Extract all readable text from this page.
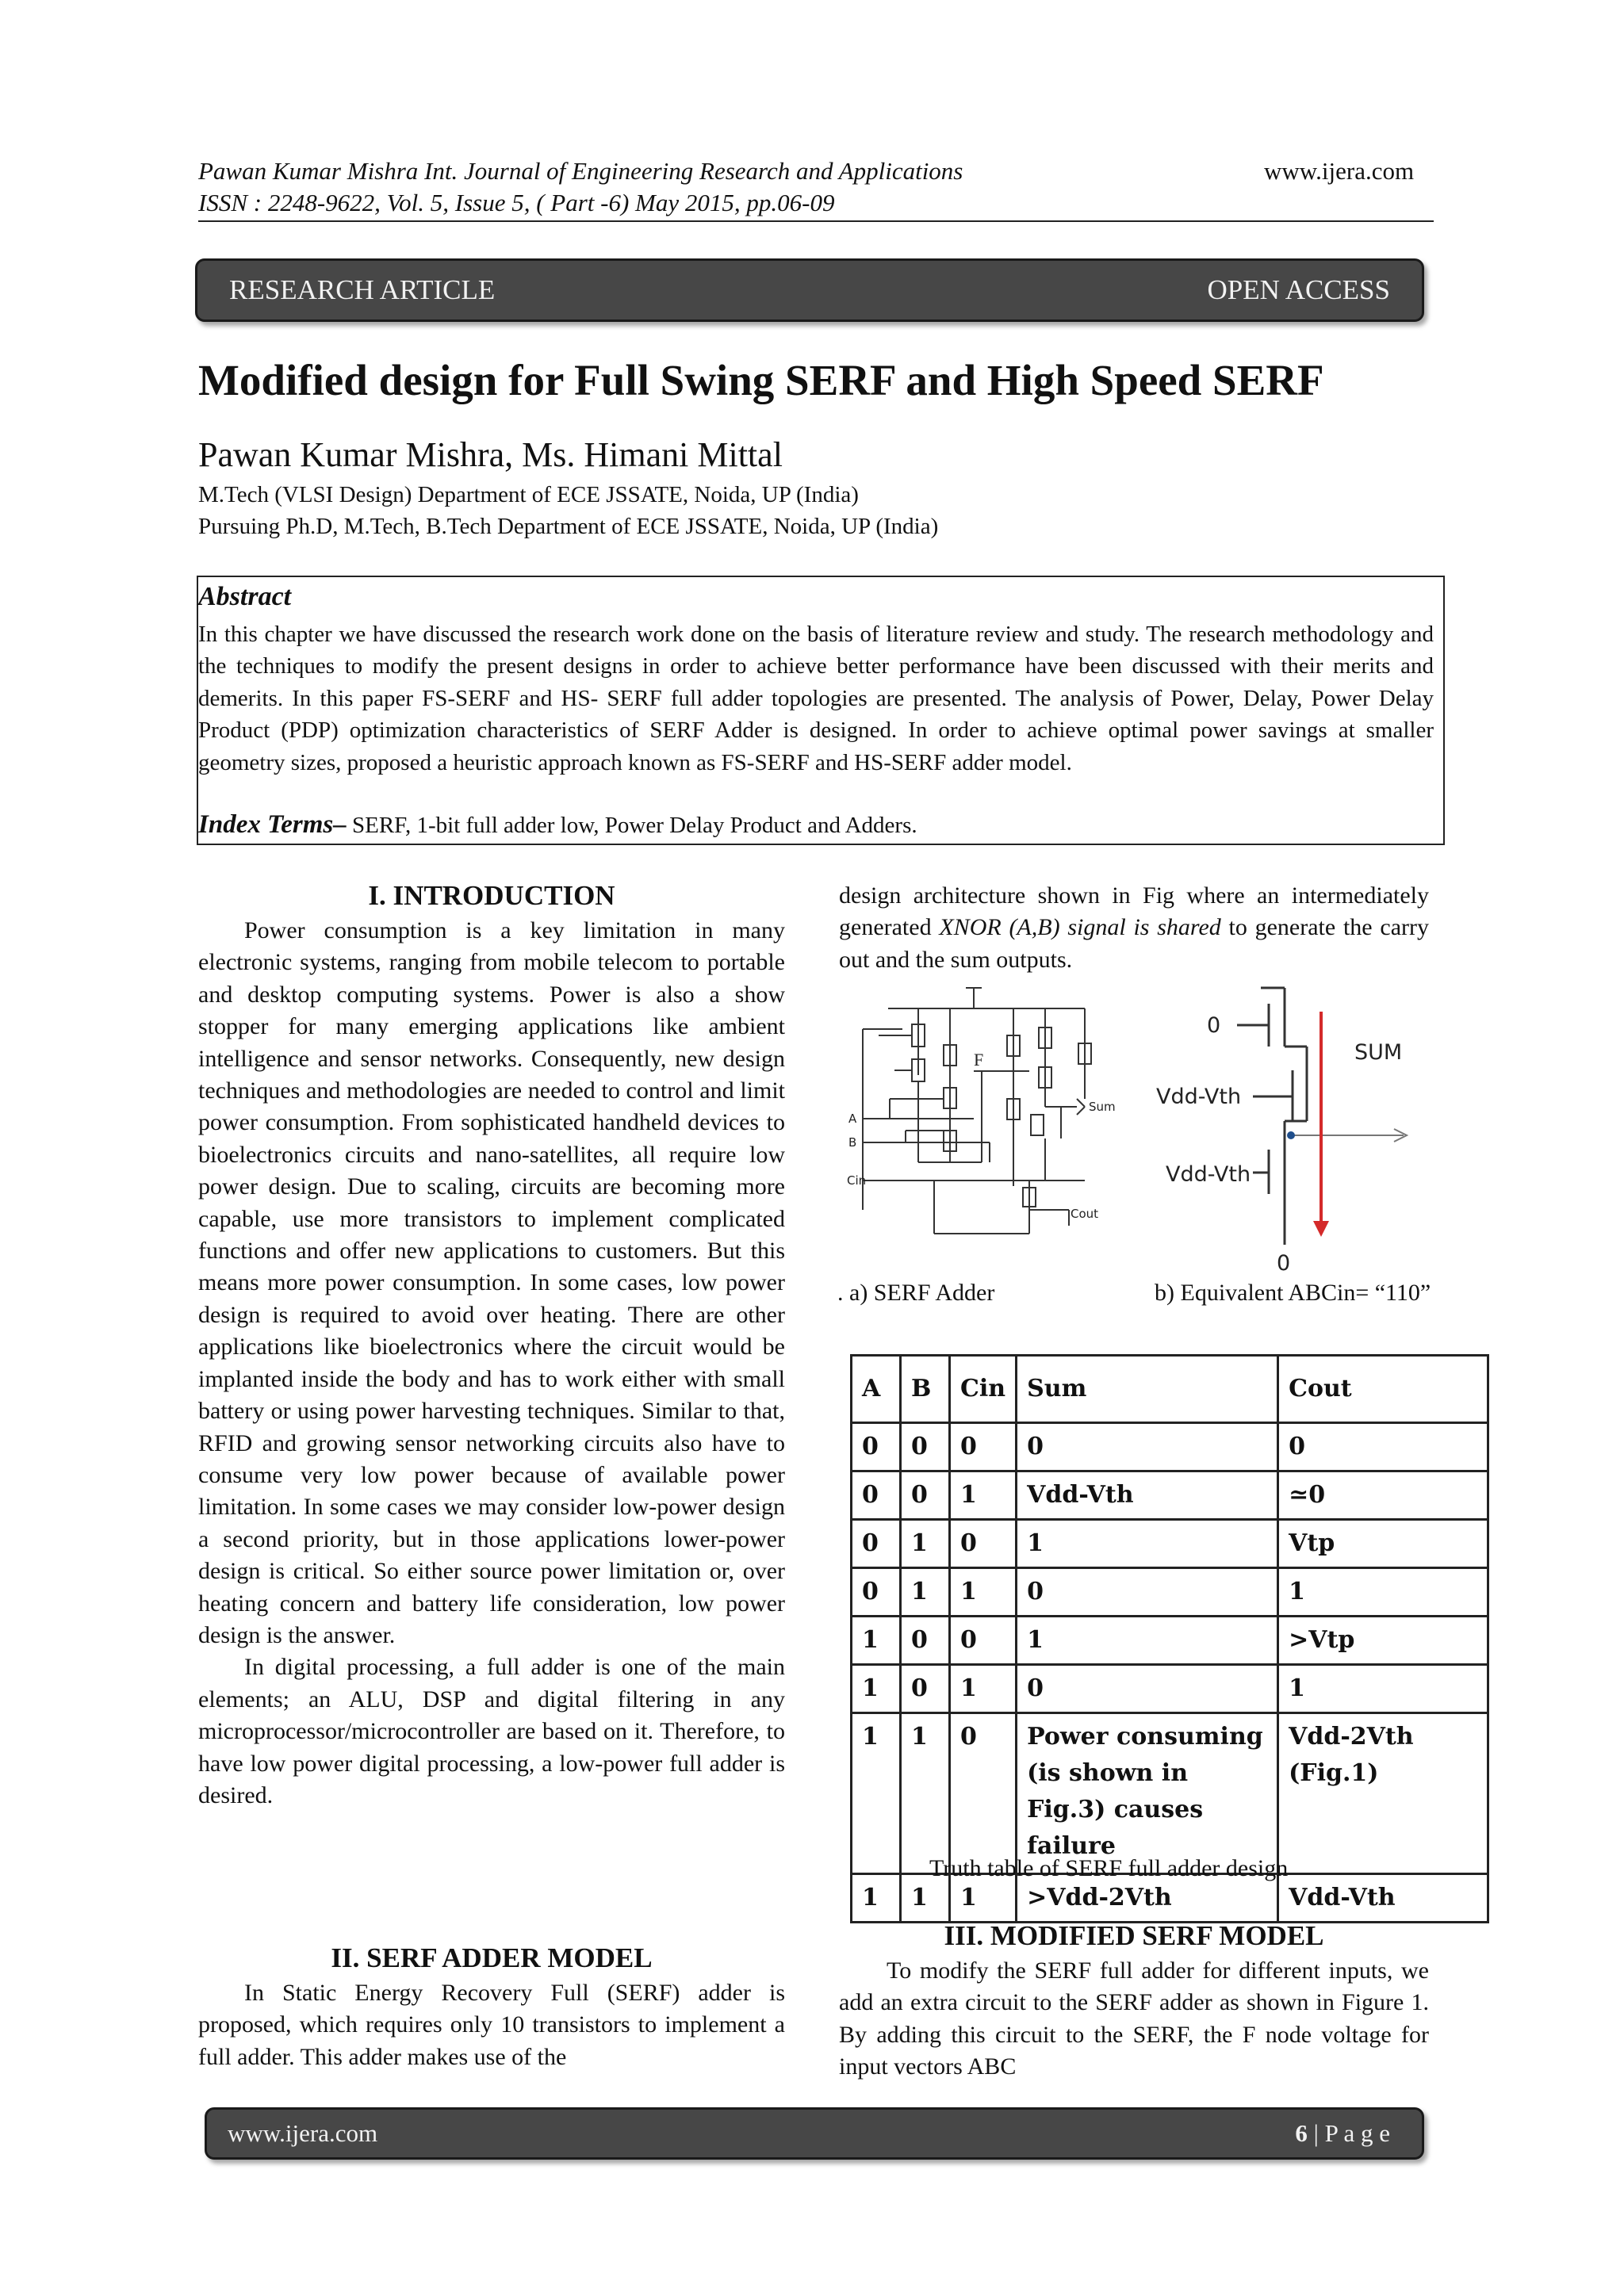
Pawan Kumar Mishra Int. Journal of Engineering Research and Applications	www.ijera.com
ISSN : 2248-9622, Vol. 5, Issue 5, ( Part -6) May 2015, pp.06-09
RESEARCH ARTICLE	OPEN ACCESS
Modified design for Full Swing SERF and High Speed SERF
Pawan Kumar Mishra, Ms. Himani Mittal
M.Tech (VLSI Design) Department of ECE JSSATE, Noida, UP (India)
Pursuing Ph.D, M.Tech, B.Tech Department of ECE JSSATE, Noida, UP (India)
Abstract
In this chapter we have discussed the research work done on the basis of literature review and study. The research methodology and the techniques to modify the present designs in order to achieve better performance have been discussed with their merits and demerits. In this paper FS-SERF and HS- SERF full adder topologies are presented. The analysis of Power, Delay, Power Delay Product (PDP) optimization characteristics of SERF Adder is designed. In order to achieve optimal power savings at smaller geometry sizes, proposed a heuristic approach known as FS-SERF and HS-SERF adder model.
Index Terms– SERF, 1-bit full adder low, Power Delay Product and Adders.
I. INTRODUCTION

Power consumption is a key limitation in many electronic systems, ranging from mobile telecom to portable and desktop computing systems. Power is also a show stopper for many emerging applications like ambient intelligence and sensor networks. Consequently, new design techniques and methodologies are needed to control and limit power consumption. From sophisticated handheld devices to bioelectronics circuits and nano-satellites, all require low power design. Due to scaling, circuits are becoming more capable, use more transistors to implement complicated functions and offer new applications to customers. But this means more power consumption. In some cases, low power design is required to avoid over heating. There are other applications like bioelectronics where the circuit would be implanted inside the body and has to work either with small battery or using power harvesting techniques. Similar to that, RFID and growing sensor networking circuits also have to consume very low power because of available power limitation. In some cases we may consider low-power design a second priority, but in those applications lower-power design is critical. So either source power limitation or, over heating concern and battery life consideration, low power design is the answer.

In digital processing, a full adder is one of the main elements; an ALU, DSP and digital filtering in any microprocessor/microcontroller are based on it. Therefore, to have low power digital processing, a low-power full adder is desired.

II. SERF ADDER MODEL

In Static Energy Recovery Full (SERF) adder is proposed, which requires only 10 transistors to implement a full adder. This adder makes use of the

design architecture shown in Fig where an intermediately generated XNOR (A,B) signal is shared to generate the carry out and the sum outputs.

A
B
Cin
Sum
Cout
F
0
SUM
Vdd-Vth
Vdd-Vth
0
. a) SERF Adder	b) Equivalent ABCin= “110”
A	B	Cin	Sum	Cout
0	0	0	0	0
0	0	1	Vdd-Vth	≃0
0	1	0	1	Vtp
0	1	1	0	1
1	0	0	1	>Vtp
1	0	1	0	1
1	1	0	Power consuming (is shown in Fig.3) causes failure	Vdd-2Vth (Fig.1)
1	1	1	>Vdd-2Vth	Vdd-Vth
Truth table of SERF full adder design
III. MODIFIED SERF MODEL

To modify the SERF full adder for different inputs, we add an extra circuit to the SERF adder as shown in Figure 1. By adding this circuit to the SERF, the F node voltage for input vectors ABC

www.ijera.com	6 | P a g e
